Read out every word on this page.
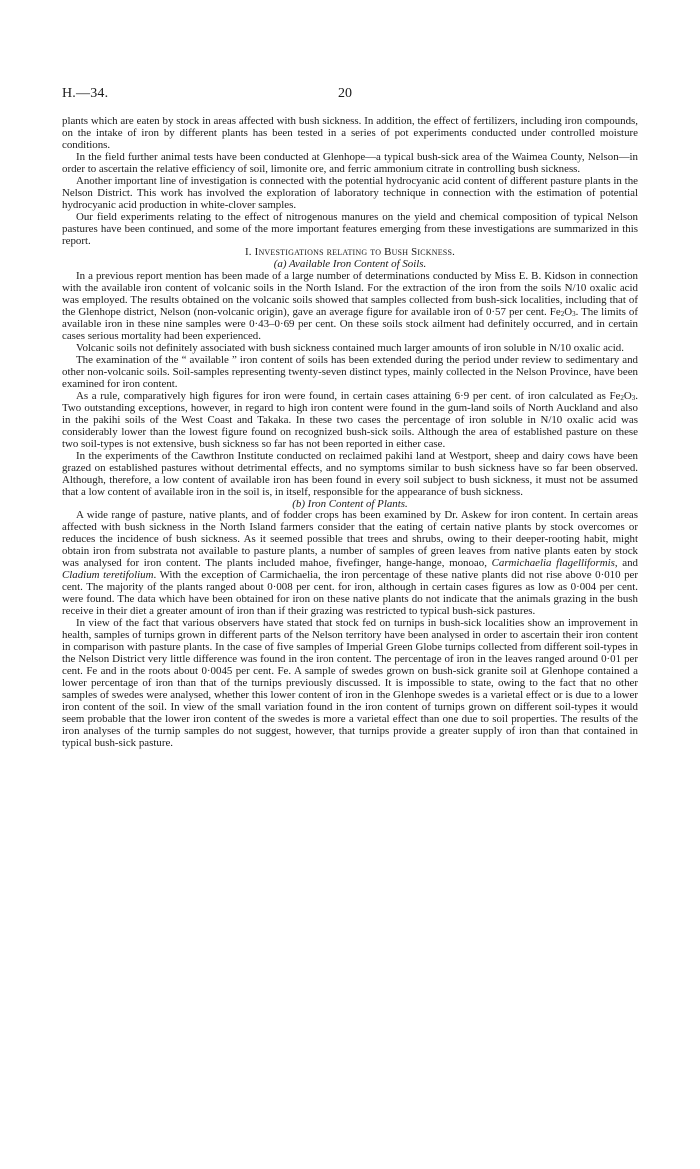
H.—34.	20

plants which are eaten by stock in areas affected with bush sickness. In addition, the effect of fertilizers, including iron compounds, on the intake of iron by different plants has been tested in a series of pot experiments conducted under controlled moisture conditions.

In the field further animal tests have been conducted at Glenhope—a typical bush-sick area of the Waimea County, Nelson—in order to ascertain the relative efficiency of soil, limonite ore, and ferric ammonium citrate in controlling bush sickness.

Another important line of investigation is connected with the potential hydrocyanic acid content of different pasture plants in the Nelson District. This work has involved the exploration of laboratory technique in connection with the estimation of potential hydrocyanic acid production in white-clover samples.

Our field experiments relating to the effect of nitrogenous manures on the yield and chemical composition of typical Nelson pastures have been continued, and some of the more important features emerging from these investigations are summarized in this report.

I. Investigations relating to Bush Sickness.

(a) Available Iron Content of Soils.

In a previous report mention has been made of a large number of determinations conducted by Miss E. B. Kidson in connection with the available iron content of volcanic soils in the North Island. For the extraction of the iron from the soils N/10 oxalic acid was employed. The results obtained on the volcanic soils showed that samples collected from bush-sick localities, including that of the Glenhope district, Nelson (non-volcanic origin), gave an average figure for available iron of 0·57 per cent. $Fe_2O_3$. The limits of available iron in these nine samples were 0·43–0·69 per cent. On these soils stock ailment had definitely occurred, and in certain cases serious mortality had been experienced.

Volcanic soils not definitely associated with bush sickness contained much larger amounts of iron soluble in N/10 oxalic acid.

The examination of the “ available ” iron content of soils has been extended during the period under review to sedimentary and other non-volcanic soils. Soil-samples representing twenty-seven distinct types, mainly collected in the Nelson Province, have been examined for iron content.

As a rule, comparatively high figures for iron were found, in certain cases attaining 6·9 per cent. of iron calculated as $Fe_2O_3$. Two outstanding exceptions, however, in regard to high iron content were found in the gum-land soils of North Auckland and also in the pakihi soils of the West Coast and Takaka. In these two cases the percentage of iron soluble in N/10 oxalic acid was considerably lower than the lowest figure found on recognized bush-sick soils. Although the area of established pasture on these two soil-types is not extensive, bush sickness so far has not been reported in either case.

In the experiments of the Cawthron Institute conducted on reclaimed pakihi land at Westport, sheep and dairy cows have been grazed on established pastures without detrimental effects, and no symptoms similar to bush sickness have so far been observed. Although, therefore, a low content of available iron has been found in every soil subject to bush sickness, it must not be assumed that a low content of available iron in the soil is, in itself, responsible for the appearance of bush sickness.

(b) Iron Content of Plants.

A wide range of pasture, native plants, and of fodder crops has been examined by Dr. Askew for iron content. In certain areas affected with bush sickness in the North Island farmers consider that the eating of certain native plants by stock overcomes or reduces the incidence of bush sickness. As it seemed possible that trees and shrubs, owing to their deeper-rooting habit, might obtain iron from substrata not available to pasture plants, a number of samples of green leaves from native plants eaten by stock was analysed for iron content. The plants included mahoe, fivefinger, hange-hange, monoao, Carmichaelia flagelliformis, and Cladium teretifolium. With the exception of Carmichaelia, the iron percentage of these native plants did not rise above 0·010 per cent. The majority of the plants ranged about 0·008 per cent. for iron, although in certain cases figures as low as 0·004 per cent. were found. The data which have been obtained for iron on these native plants do not indicate that the animals grazing in the bush receive in their diet a greater amount of iron than if their grazing was restricted to typical bush-sick pastures.

In view of the fact that various observers have stated that stock fed on turnips in bush-sick localities show an improvement in health, samples of turnips grown in different parts of the Nelson territory have been analysed in order to ascertain their iron content in comparison with pasture plants. In the case of five samples of Imperial Green Globe turnips collected from different soil-types in the Nelson District very little difference was found in the iron content. The percentage of iron in the leaves ranged around 0·01 per cent. Fe and in the roots about 0·0045 per cent. Fe. A sample of swedes grown on bush-sick granite soil at Glenhope contained a lower percentage of iron than that of the turnips previously discussed. It is impossible to state, owing to the fact that no other samples of swedes were analysed, whether this lower content of iron in the Glenhope swedes is a varietal effect or is due to a lower iron content of the soil. In view of the small variation found in the iron content of turnips grown on different soil-types it would seem probable that the lower iron content of the swedes is more a varietal effect than one due to soil properties. The results of the iron analyses of the turnip samples do not suggest, however, that turnips provide a greater supply of iron than that contained in typical bush-sick pasture.
